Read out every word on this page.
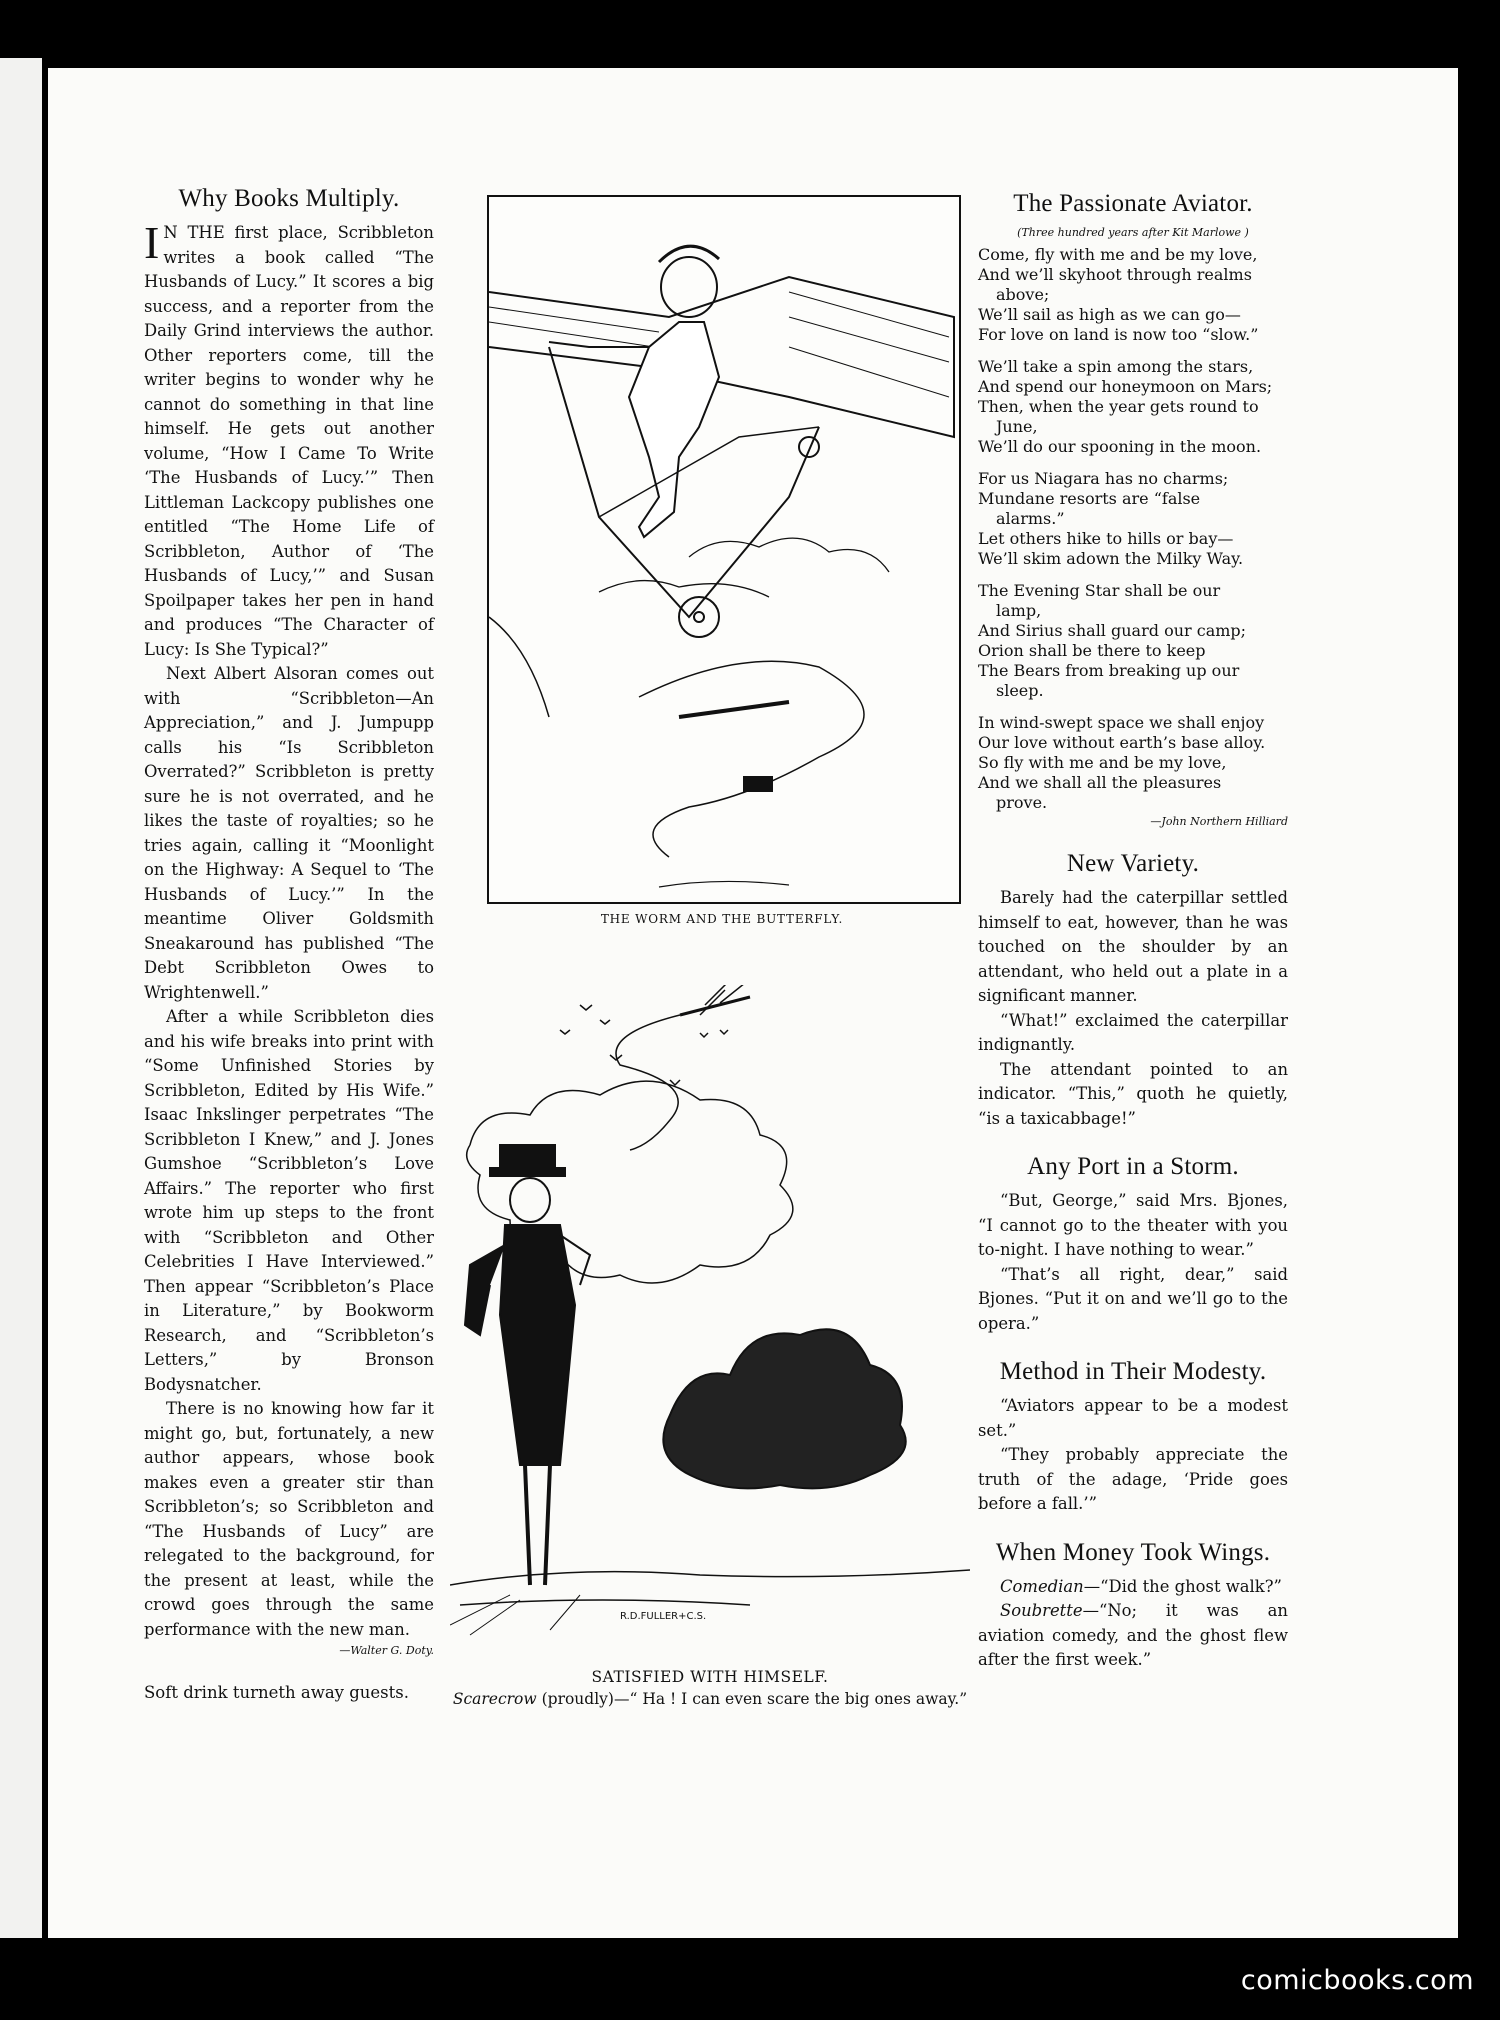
Why Books Multiply.

I N THE first place, Scribbleton writes a book called “The Husbands of Lucy.” It scores a big success, and a reporter from the Daily Grind interviews the author. Other reporters come, till the writer begins to wonder why he cannot do something in that line himself. He gets out another volume, “How I Came To Write ‘The Husbands of Lucy.’” Then Littleman Lackcopy publishes one entitled “The Home Life of Scribbleton, Author of ‘The Husbands of Lucy,’” and Susan Spoilpaper takes her pen in hand and produces “The Character of Lucy: Is She Typical?”

Next Albert Alsoran comes out with “Scribbleton—An Appreciation,” and J. Jumpupp calls his “Is Scribbleton Overrated?” Scribbleton is pretty sure he is not overrated, and he likes the taste of royalties; so he tries again, calling it “Moonlight on the Highway: A Sequel to ‘The Husbands of Lucy.’” In the meantime Oliver Goldsmith Sneakaround has published “The Debt Scribbleton Owes to Wrightenwell.”

After a while Scribbleton dies and his wife breaks into print with “Some Unfinished Stories by Scribbleton, Edited by His Wife.” Isaac Inkslinger perpetrates “The Scribbleton I Knew,” and J. Jones Gumshoe “Scribbleton’s Love Affairs.” The reporter who first wrote him up steps to the front with “Scribbleton and Other Celebrities I Have Interviewed.” Then appear “Scribbleton’s Place in Literature,” by Bookworm Research, and “Scribbleton’s Letters,” by Bronson Bodysnatcher.

There is no knowing how far it might go, but, fortunately, a new author appears, whose book makes even a greater stir than Scribbleton’s; so Scribbleton and “The Husbands of Lucy” are relegated to the background, for the present at least, while the crowd goes through the same performance with the new man.

—Walter G. Doty.
Soft drink turneth away guests.
THE WORM AND THE BUTTERFLY.
R.D.FULLER+C.S.
SATISFIED WITH HIMSELF.
Scarecrow (proudly)—“ Ha ! I can even scare the big ones away.”
The Passionate Aviator.
(Three hundred years after Kit Marlowe )

Come, fly with me and be my love,

And we’ll skyhoot through realms

above;

We’ll sail as high as we can go—

For love on land is now too “slow.”

We’ll take a spin among the stars,

And spend our honeymoon on Mars;

Then, when the year gets round to

June,

We’ll do our spooning in the moon.

For us Niagara has no charms;

Mundane resorts are “false

alarms.”

Let others hike to hills or bay—

We’ll skim adown the Milky Way.

The Evening Star shall be our

lamp,

And Sirius shall guard our camp;

Orion shall be there to keep

The Bears from breaking up our

sleep.

In wind-swept space we shall enjoy

Our love without earth’s base alloy.

So fly with me and be my love,

And we shall all the pleasures

prove.

—John Northern Hilliard
New Variety.

Barely had the caterpillar settled himself to eat, however, than he was touched on the shoulder by an attendant, who held out a plate in a significant manner.

“What!” exclaimed the caterpillar indignantly.

The attendant pointed to an indicator. “This,” quoth he quietly, “is a taxicabbage!”

Any Port in a Storm.

“But, George,” said Mrs. Bjones, “I cannot go to the theater with you to-night. I have nothing to wear.”

“That’s all right, dear,” said Bjones. “Put it on and we’ll go to the opera.”

Method in Their Modesty.

“Aviators appear to be a modest set.”

“They probably appreciate the truth of the adage, ‘Pride goes before a fall.’”

When Money Took Wings.

Comedian—“Did the ghost walk?”

Soubrette—“No; it was an aviation comedy, and the ghost flew after the first week.”

comicbooks.com
